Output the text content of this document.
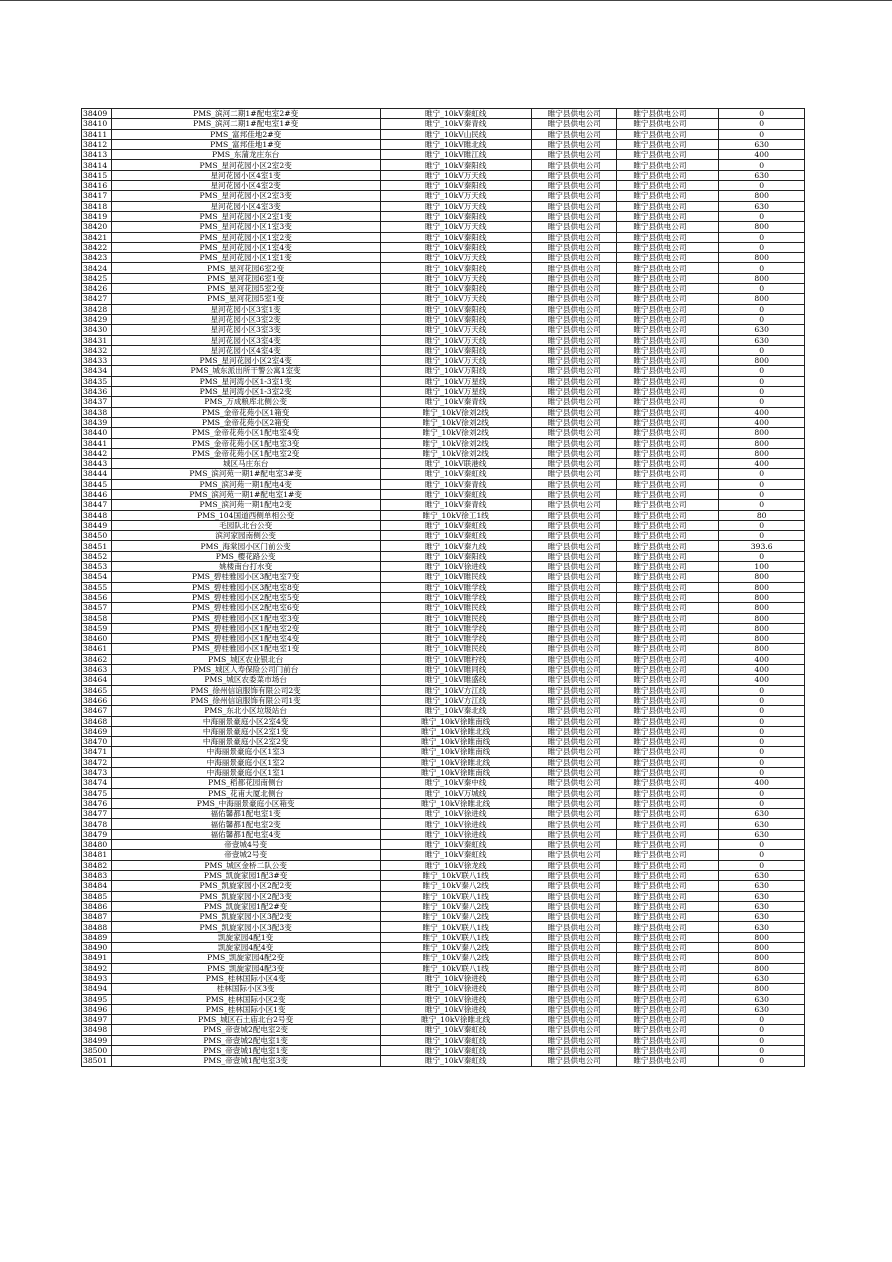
38409	PMS_滨河二期1#配电室2#变	睢宁_10kV秦虹线	睢宁县供电公司	睢宁县供电公司	0
38410	PMS_滨河二期1#配电室1#变	睢宁_10kV秦青线	睢宁县供电公司	睢宁县供电公司	0
38411	PMS_富邦佳地2#变	睢宁_10kV山民线	睢宁县供电公司	睢宁县供电公司	0
38412	PMS_富邦佳地1#变	睢宁_10kV睢北线	睢宁县供电公司	睢宁县供电公司	630
38413	PMS_东蒲龙庄东台	睢宁_10kV睢江线	睢宁县供电公司	睢宁县供电公司	400
38414	PMS_星河花园小区2室2变	睢宁_10kV秦阳线	睢宁县供电公司	睢宁县供电公司	0
38415	星河花园小区4室1变	睢宁_10kV万天线	睢宁县供电公司	睢宁县供电公司	630
38416	星河花园小区4室2变	睢宁_10kV秦阳线	睢宁县供电公司	睢宁县供电公司	0
38417	PMS_星河花园小区2室3变	睢宁_10kV万天线	睢宁县供电公司	睢宁县供电公司	800
38418	星河花园小区4室3变	睢宁_10kV万天线	睢宁县供电公司	睢宁县供电公司	630
38419	PMS_星河花园小区2室1变	睢宁_10kV秦阳线	睢宁县供电公司	睢宁县供电公司	0
38420	PMS_星河花园小区1室3变	睢宁_10kV万天线	睢宁县供电公司	睢宁县供电公司	800
38421	PMS_星河花园小区1室2变	睢宁_10kV秦阳线	睢宁县供电公司	睢宁县供电公司	0
38422	PMS_星河花园小区1室4变	睢宁_10kV秦阳线	睢宁县供电公司	睢宁县供电公司	0
38423	PMS_星河花园小区1室1变	睢宁_10kV万天线	睢宁县供电公司	睢宁县供电公司	800
38424	PMS_星河花园6室2变	睢宁_10kV秦阳线	睢宁县供电公司	睢宁县供电公司	0
38425	PMS_星河花园6室1变	睢宁_10kV万天线	睢宁县供电公司	睢宁县供电公司	800
38426	PMS_星河花园5室2变	睢宁_10kV秦阳线	睢宁县供电公司	睢宁县供电公司	0
38427	PMS_星河花园5室1变	睢宁_10kV万天线	睢宁县供电公司	睢宁县供电公司	800
38428	星河花园小区3室1变	睢宁_10kV秦阳线	睢宁县供电公司	睢宁县供电公司	0
38429	星河花园小区3室2变	睢宁_10kV秦阳线	睢宁县供电公司	睢宁县供电公司	0
38430	星河花园小区3室3变	睢宁_10kV万天线	睢宁县供电公司	睢宁县供电公司	630
38431	星河花园小区3室4变	睢宁_10kV万天线	睢宁县供电公司	睢宁县供电公司	630
38432	星河花园小区4室4变	睢宁_10kV秦阳线	睢宁县供电公司	睢宁县供电公司	0
38433	PMS_星河花园小区2室4变	睢宁_10kV万天线	睢宁县供电公司	睢宁县供电公司	800
38434	PMS_城东派出所干警公寓1室变	睢宁_10kV万阳线	睢宁县供电公司	睢宁县供电公司	0
38435	PMS_星河湾小区1-3室1变	睢宁_10kV万星线	睢宁县供电公司	睢宁县供电公司	0
38436	PMS_星河湾小区1-3室2变	睢宁_10kV万星线	睢宁县供电公司	睢宁县供电公司	0
38437	PMS_万成粮库北侧公变	睢宁_10kV秦青线	睢宁县供电公司	睢宁县供电公司	0
38438	PMS_金帝花苑小区1箱变	睢宁_10kV徐刘2线	睢宁县供电公司	睢宁县供电公司	400
38439	PMS_金帝花苑小区2箱变	睢宁_10kV徐刘2线	睢宁县供电公司	睢宁县供电公司	400
38440	PMS_金帝花苑小区1配电室4变	睢宁_10kV徐刘2线	睢宁县供电公司	睢宁县供电公司	800
38441	PMS_金帝花苑小区1配电室3变	睢宁_10kV徐刘2线	睢宁县供电公司	睢宁县供电公司	800
38442	PMS_金帝花苑小区1配电室2变	睢宁_10kV徐刘2线	睢宁县供电公司	睢宁县供电公司	800
38443	城区马庄东台	睢宁_10kV联港线	睢宁县供电公司	睢宁县供电公司	400
38444	PMS_滨河苑一期1#配电室3#变	睢宁_10kV秦虹线	睢宁县供电公司	睢宁县供电公司	0
38445	PMS_滨河苑一期1配电4变	睢宁_10kV秦青线	睢宁县供电公司	睢宁县供电公司	0
38446	PMS_滨河苑一期1#配电室1#变	睢宁_10kV秦虹线	睢宁县供电公司	睢宁县供电公司	0
38447	PMS_滨河苑一期1配电2变	睢宁_10kV秦青线	睢宁县供电公司	睢宁县供电公司	0
38448	PMS_104国道西侧单相公变	睢宁_10kV徐工1线	睢宁县供电公司	睢宁县供电公司	80
38449	毛园队北台公变	睢宁_10kV秦虹线	睢宁县供电公司	睢宁县供电公司	0
38450	滨河家园南侧公变	睢宁_10kV秦虹线	睢宁县供电公司	睢宁县供电公司	0
38451	PMS_海棠园小区门前公变	睢宁_10kV秦九线	睢宁县供电公司	睢宁县供电公司	393.6
38452	PMS_樱花路公变	睢宁_10kV秦阳线	睢宁县供电公司	睢宁县供电公司	0
38453	姚楼南台打水变	睢宁_10kV徐进线	睢宁县供电公司	睢宁县供电公司	100
38454	PMS_碧桂雅园小区3配电室7变	睢宁_10kV睢民线	睢宁县供电公司	睢宁县供电公司	800
38455	PMS_碧桂雅园小区3配电室8变	睢宁_10kV睢学线	睢宁县供电公司	睢宁县供电公司	800
38456	PMS_碧桂雅园小区2配电室5变	睢宁_10kV睢学线	睢宁县供电公司	睢宁县供电公司	800
38457	PMS_碧桂雅园小区2配电室6变	睢宁_10kV睢民线	睢宁县供电公司	睢宁县供电公司	800
38458	PMS_碧桂雅园小区1配电室3变	睢宁_10kV睢民线	睢宁县供电公司	睢宁县供电公司	800
38459	PMS_碧桂雅园小区1配电室2变	睢宁_10kV睢学线	睢宁县供电公司	睢宁县供电公司	800
38460	PMS_碧桂雅园小区1配电室4变	睢宁_10kV睢学线	睢宁县供电公司	睢宁县供电公司	800
38461	PMS_碧桂雅园小区1配电室1变	睢宁_10kV睢民线	睢宁县供电公司	睢宁县供电公司	800
38462	PMS_城区农业银北台	睢宁_10kV睢柠线	睢宁县供电公司	睢宁县供电公司	400
38463	PMS_城区人寿保险公司门前台	睢宁_10kV睢同线	睢宁县供电公司	睢宁县供电公司	400
38464	PMS_城区农委菜市场台	睢宁_10kV睢盛线	睢宁县供电公司	睢宁县供电公司	400
38465	PMS_徐州信谊服饰有限公司2变	睢宁_10kV方江线	睢宁县供电公司	睢宁县供电公司	0
38466	PMS_徐州信谊服饰有限公司1变	睢宁_10kV方江线	睢宁县供电公司	睢宁县供电公司	0
38467	PMS_东北小区垃圾站台	睢宁_10kV秦北线	睢宁县供电公司	睢宁县供电公司	0
38468	中海丽景豪庭小区2室4变	睢宁_10kV徐睢南线	睢宁县供电公司	睢宁县供电公司	0
38469	中海丽景豪庭小区2室1变	睢宁_10kV徐睢北线	睢宁县供电公司	睢宁县供电公司	0
38470	中海丽景豪庭小区2室2变	睢宁_10kV徐睢南线	睢宁县供电公司	睢宁县供电公司	0
38471	中海丽景豪庭小区1室3	睢宁_10kV徐睢南线	睢宁县供电公司	睢宁县供电公司	0
38472	中海丽景豪庭小区1室2	睢宁_10kV徐睢北线	睢宁县供电公司	睢宁县供电公司	0
38473	中海丽景豪庭小区1室1	睢宁_10kV徐睢南线	睢宁县供电公司	睢宁县供电公司	0
38474	PMS_稻都花园南侧台	睢宁_10kV秦中线	睢宁县供电公司	睢宁县供电公司	400
38475	PMS_花甫大厦北侧台	睢宁_10kV万城线	睢宁县供电公司	睢宁县供电公司	0
38476	PMS_中海丽景豪庭小区箱变	睢宁_10kV徐睢北线	睢宁县供电公司	睢宁县供电公司	0
38477	福佑馨都1配电室1变	睢宁_10kV徐进线	睢宁县供电公司	睢宁县供电公司	630
38478	福佑馨都1配电室2变	睢宁_10kV徐进线	睢宁县供电公司	睢宁县供电公司	630
38479	福佑馨都1配电室4变	睢宁_10kV徐进线	睢宁县供电公司	睢宁县供电公司	630
38480	帝壹城4号变	睢宁_10kV秦虹线	睢宁县供电公司	睢宁县供电公司	0
38481	帝壹城2号变	睢宁_10kV秦虹线	睢宁县供电公司	睢宁县供电公司	0
38482	PMS_城区金桥二队公变	睢宁_10kV徐龙线	睢宁县供电公司	睢宁县供电公司	0
38483	PMS_凯旋家园1配3#变	睢宁_10kV联八1线	睢宁县供电公司	睢宁县供电公司	630
38484	PMS_凯旋家园小区2配2变	睢宁_10kV秦八2线	睢宁县供电公司	睢宁县供电公司	630
38485	PMS_凯旋家园小区2配3变	睢宁_10kV联八1线	睢宁县供电公司	睢宁县供电公司	630
38486	PMS_凯旋家园1配2#变	睢宁_10kV秦八2线	睢宁县供电公司	睢宁县供电公司	630
38487	PMS_凯旋家园小区3配2变	睢宁_10kV秦八2线	睢宁县供电公司	睢宁县供电公司	630
38488	PMS_凯旋家园小区3配3变	睢宁_10kV联八1线	睢宁县供电公司	睢宁县供电公司	630
38489	凯旋家园4配1变	睢宁_10kV联八1线	睢宁县供电公司	睢宁县供电公司	800
38490	凯旋家园4配4变	睢宁_10kV秦八2线	睢宁县供电公司	睢宁县供电公司	800
38491	PMS_凯旋家园4配2变	睢宁_10kV秦八2线	睢宁县供电公司	睢宁县供电公司	800
38492	PMS_凯旋家园4配3变	睢宁_10kV联八1线	睢宁县供电公司	睢宁县供电公司	800
38493	PMS_桂林国际小区4变	睢宁_10kV徐进线	睢宁县供电公司	睢宁县供电公司	630
38494	桂林国际小区3变	睢宁_10kV徐进线	睢宁县供电公司	睢宁县供电公司	800
38495	PMS_桂林国际小区2变	睢宁_10kV徐进线	睢宁县供电公司	睢宁县供电公司	630
38496	PMS_桂林国际小区1变	睢宁_10kV徐进线	睢宁县供电公司	睢宁县供电公司	630
38497	PMS_城区石土庙北台2号变	睢宁_10kV徐睢北线	睢宁县供电公司	睢宁县供电公司	0
38498	PMS_帝壹城2配电室2变	睢宁_10kV秦虹线	睢宁县供电公司	睢宁县供电公司	0
38499	PMS_帝壹城2配电室1变	睢宁_10kV秦虹线	睢宁县供电公司	睢宁县供电公司	0
38500	PMS_帝壹城1配电室1变	睢宁_10kV秦虹线	睢宁县供电公司	睢宁县供电公司	0
38501	PMS_帝壹城1配电室3变	睢宁_10kV秦虹线	睢宁县供电公司	睢宁县供电公司	0
